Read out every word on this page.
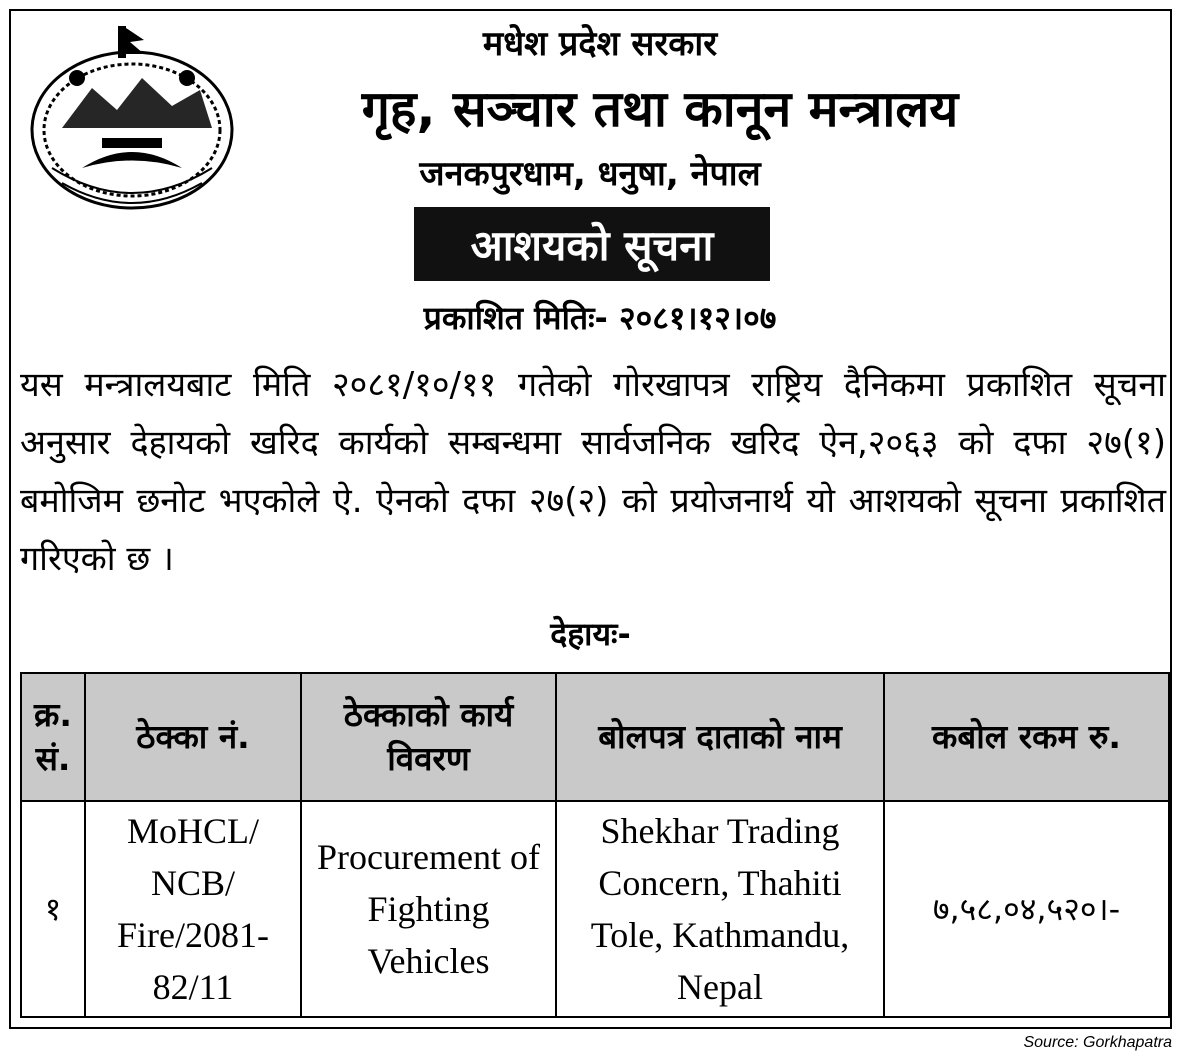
मधेश प्रदेश सरकार
गृह, सञ्चार तथा कानून मन्त्रालय
जनकपुरधाम, धनुषा, नेपाल
आशयको सूचना
प्रकाशित मितिः- २०८१।१२।०७
यस मन्त्रालयबाट मिति २०८१/१०/११ गतेको गोरखापत्र राष्ट्रिय दैनिकमा प्रकाशित सूचना अनुसार देहायको खरिद कार्यको सम्बन्धमा सार्वजनिक खरिद ऐन,२०६३ को दफा २७(१) बमोजिम छनोट भएकोले ऐ. ऐनको दफा २७(२) को प्रयोजनार्थ यो आशयको सूचना प्रकाशित गरिएको छ ।
देहायः-
क्र. सं.	ठेक्का नं.	ठेक्काको कार्य विवरण	बोलपत्र दाताको नाम	कबोल रकम रु.
१	MoHCL/ NCB/ Fire/2081- 82/11	Procurement of Fighting Vehicles	Shekhar Trading Concern, Thahiti Tole, Kathmandu, Nepal	७,५८,०४,५२०।-
Source: Gorkhapatra
